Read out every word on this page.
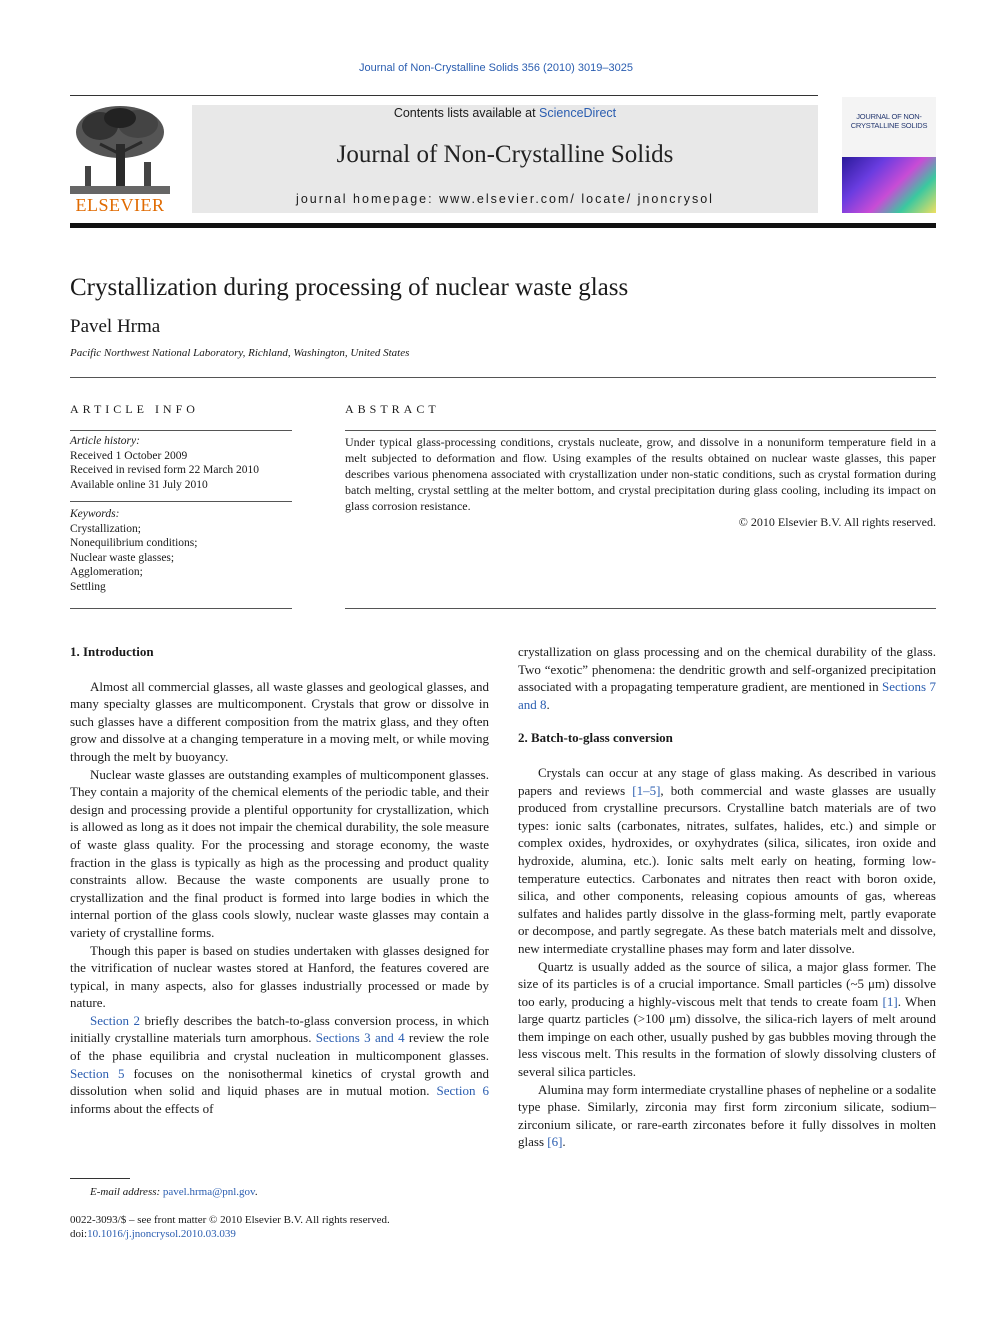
Journal of Non-Crystalline Solids 356 (2010) 3019–3025
ELSEVIER
Contents lists available at ScienceDirect
Journal of Non-Crystalline Solids
journal homepage: www.elsevier.com/ locate/ jnoncrysol
JOURNAL OF NON-CRYSTALLINE SOLIDS
Crystallization during processing of nuclear waste glass
Pavel Hrma
Pacific Northwest National Laboratory, Richland, Washington, United States
ARTICLE INFO
Article history:
Received 1 October 2009
Received in revised form 22 March 2010
Available online 31 July 2010
Keywords:
Crystallization;
Nonequilibrium conditions;
Nuclear waste glasses;
Agglomeration;
Settling
ABSTRACT
Under typical glass-processing conditions, crystals nucleate, grow, and dissolve in a nonuniform temperature field in a melt subjected to deformation and flow. Using examples of the results obtained on nuclear waste glasses, this paper describes various phenomena associated with crystallization under non-static conditions, such as crystal formation during batch melting, crystal settling at the melter bottom, and crystal precipitation during glass cooling, including its impact on glass corrosion resistance.
© 2010 Elsevier B.V. All rights reserved.
1. Introduction

Almost all commercial glasses, all waste glasses and geological glasses, and many specialty glasses are multicomponent. Crystals that grow or dissolve in such glasses have a different composition from the matrix glass, and they often grow and dissolve at a changing temperature in a moving melt, or while moving through the melt by buoyancy.

Nuclear waste glasses are outstanding examples of multicomponent glasses. They contain a majority of the chemical elements of the periodic table, and their design and processing provide a plentiful opportunity for crystallization, which is allowed as long as it does not impair the chemical durability, the sole measure of waste glass quality. For the processing and storage economy, the waste fraction in the glass is typically as high as the processing and product quality constraints allow. Because the waste components are usually prone to crystallization and the final product is formed into large bodies in which the internal portion of the glass cools slowly, nuclear waste glasses may contain a variety of crystalline forms.

Though this paper is based on studies undertaken with glasses designed for the vitrification of nuclear wastes stored at Hanford, the features covered are typical, in many aspects, also for glasses industrially processed or made by nature.

Section 2 briefly describes the batch-to-glass conversion process, in which initially crystalline materials turn amorphous. Sections 3 and 4 review the role of the phase equilibria and crystal nucleation in multicomponent glasses. Section 5 focuses on the nonisothermal kinetics of crystal growth and dissolution when solid and liquid phases are in mutual motion. Section 6 informs about the effects of

crystallization on glass processing and on the chemical durability of the glass. Two “exotic” phenomena: the dendritic growth and self-organized precipitation associated with a propagating temperature gradient, are mentioned in Sections 7 and 8.

2. Batch-to-glass conversion

Crystals can occur at any stage of glass making. As described in various papers and reviews [1–5], both commercial and waste glasses are usually produced from crystalline precursors. Crystalline batch materials are of two types: ionic salts (carbonates, nitrates, sulfates, halides, etc.) and simple or complex oxides, hydroxides, or oxyhydrates (silica, silicates, iron oxide and hydroxide, alumina, etc.). Ionic salts melt early on heating, forming low-temperature eutectics. Carbonates and nitrates then react with boron oxide, silica, and other components, releasing copious amounts of gas, whereas sulfates and halides partly dissolve in the glass-forming melt, partly evaporate or decompose, and partly segregate. As these batch materials melt and dissolve, new intermediate crystalline phases may form and later dissolve.

Quartz is usually added as the source of silica, a major glass former. The size of its particles is of a crucial importance. Small particles (~5 μm) dissolve too early, producing a highly-viscous melt that tends to create foam [1]. When large quartz particles (>100 μm) dissolve, the silica-rich layers of melt around them impinge on each other, usually pushed by gas bubbles moving through the less viscous melt. This results in the formation of slowly dissolving clusters of several silica particles.

Alumina may form intermediate crystalline phases of nepheline or a sodalite type phase. Similarly, zirconia may first form zirconium silicate, sodium–zirconium silicate, or rare-earth zirconates before it fully dissolves in molten glass [6].

E-mail address: pavel.hrma@pnl.gov.
0022-3093/$ – see front matter © 2010 Elsevier B.V. All rights reserved.
doi:10.1016/j.jnoncrysol.2010.03.039
